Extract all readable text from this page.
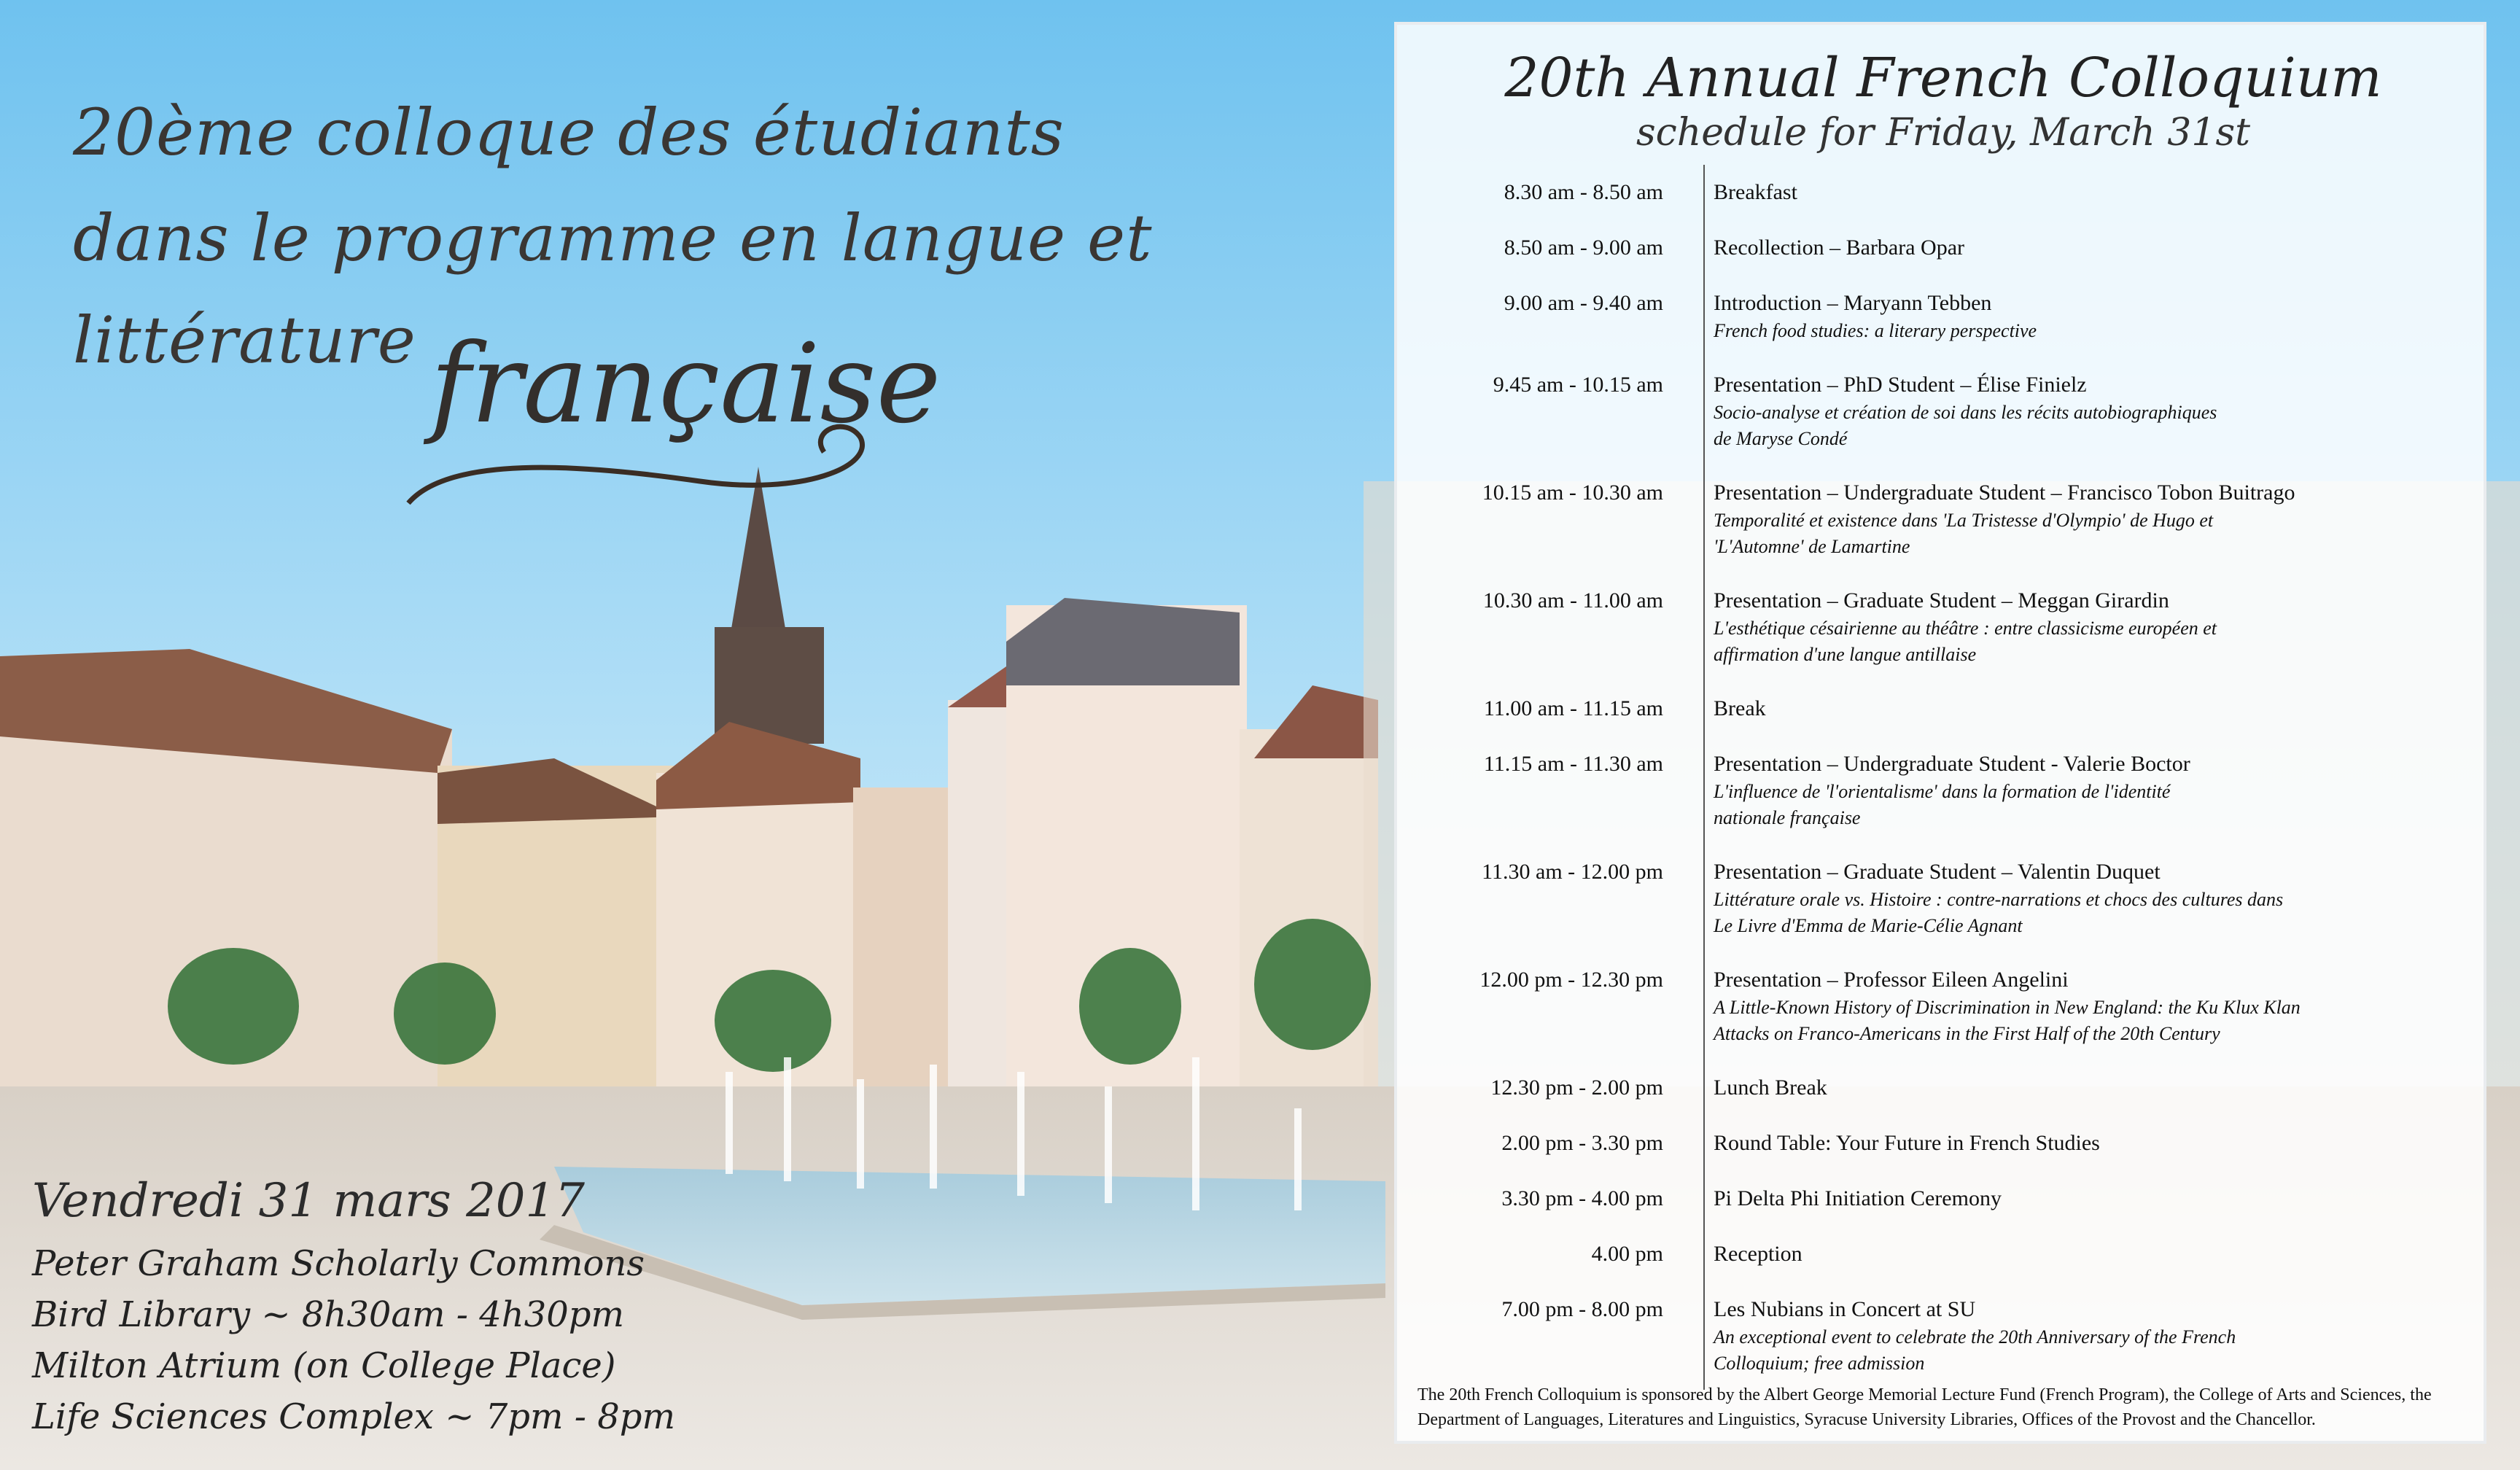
20ème colloque des étudiants
dans le programme en langue et
littérature française
Vendredi 31 mars 2017
Peter Graham Scholarly Commons
Bird Library ~ 8h30am - 4h30pm
Milton Atrium (on College Place)
Life Sciences Complex ~ 7pm - 8pm
20th Annual French Colloquium
schedule for Friday, March 31st
8.30 am - 8.50 am	Breakfast
8.50 am - 9.00 am	Recollection – Barbara Opar
9.00 am - 9.40 am	Introduction – Maryann Tebben
French food studies: a literary perspective
9.45 am - 10.15 am	Presentation – PhD Student – Élise Finielz
Socio-analyse et création de soi dans les récits autobiographiques
de Maryse Condé
10.15 am - 10.30 am	Presentation – Undergraduate Student – Francisco Tobon Buitrago
Temporalité et existence dans 'La Tristesse d'Olympio' de Hugo et
'L'Automne' de Lamartine
10.30 am - 11.00 am	Presentation – Graduate Student – Meggan Girardin
L'esthétique césairienne au théâtre : entre classicisme européen et
affirmation d'une langue antillaise
11.00 am - 11.15 am	Break
11.15 am - 11.30 am	Presentation – Undergraduate Student - Valerie Boctor
L'influence de 'l'orientalisme' dans la formation de l'identité
nationale française
11.30 am - 12.00 pm	Presentation – Graduate Student – Valentin Duquet
Littérature orale vs. Histoire : contre-narrations et chocs des cultures dans
Le Livre d'Emma de Marie-Célie Agnant
12.00 pm - 12.30 pm	Presentation – Professor Eileen Angelini
A Little-Known History of Discrimination in New England: the Ku Klux Klan
Attacks on Franco-Americans in the First Half of the 20th Century
12.30 pm - 2.00 pm	Lunch Break
2.00 pm - 3.30 pm	Round Table: Your Future in French Studies
3.30 pm - 4.00 pm	Pi Delta Phi Initiation Ceremony
4.00 pm	Reception
7.00 pm - 8.00 pm	Les Nubians in Concert at SU
An exceptional event to celebrate the 20th Anniversary of the French
Colloquium; free admission
The 20th French Colloquium is sponsored by the Albert George Memorial Lecture Fund (French Program), the College of Arts and Sciences, the Department of Languages, Literatures and Linguistics, Syracuse University Libraries, Offices of the Provost and the Chancellor.
